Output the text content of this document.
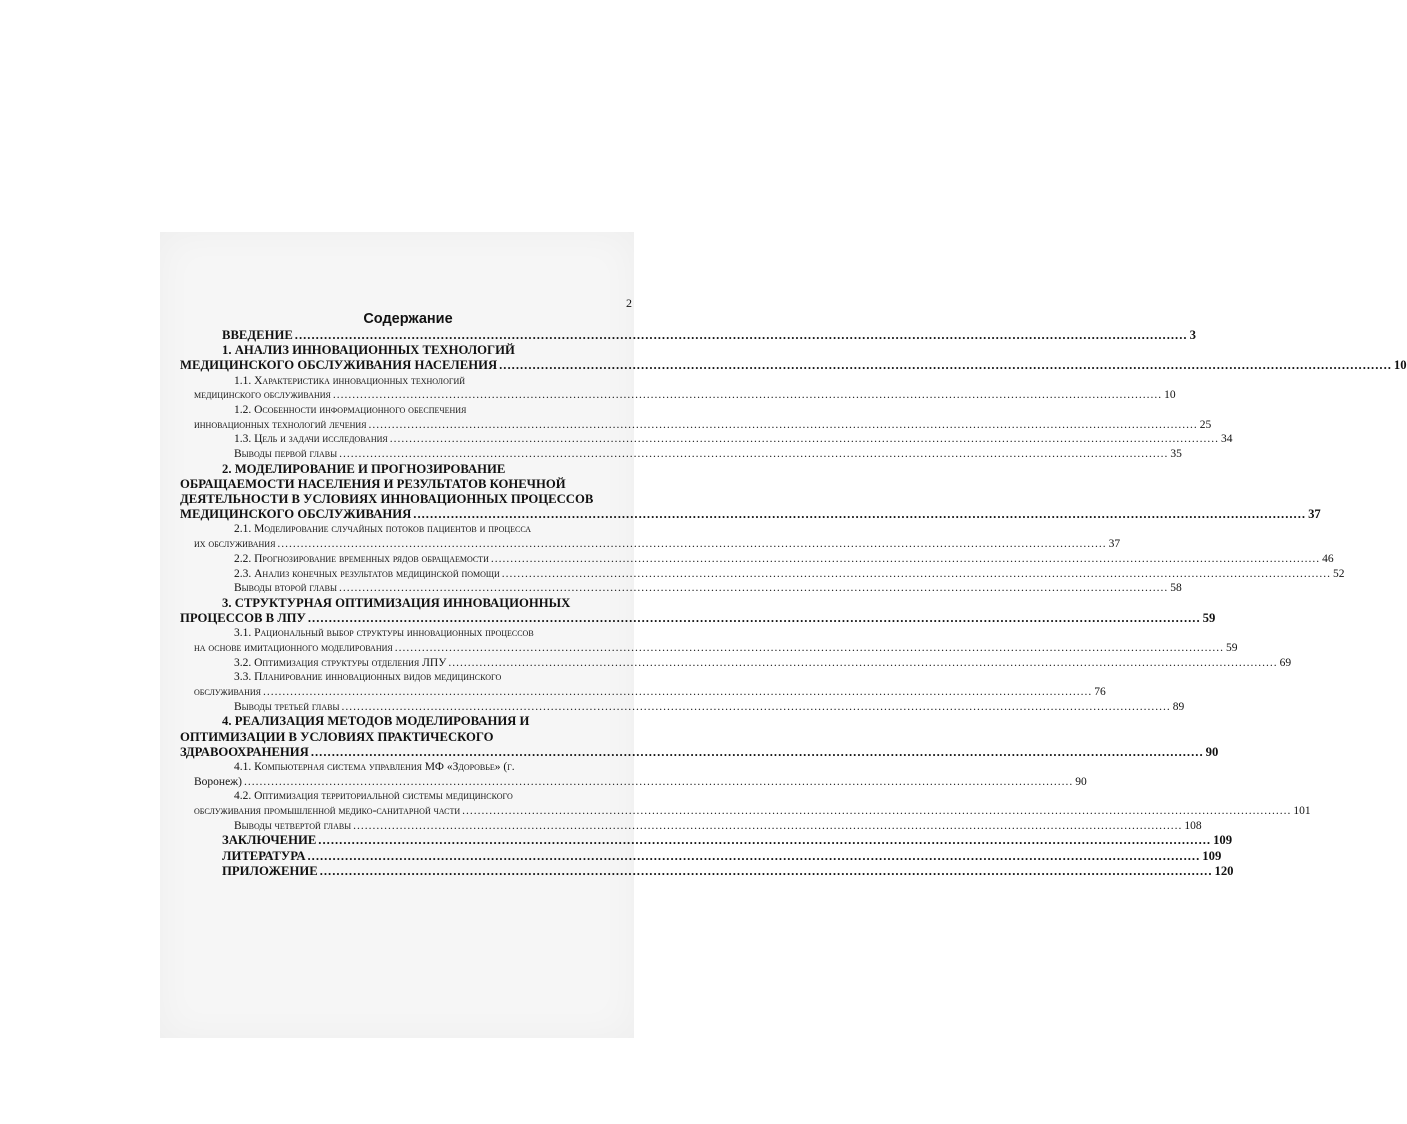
2
Содержание
ВВЕДЕНИЕ ...................................................................................................................................................................................................................... 3
1. АНАЛИЗ ИННОВАЦИОННЫХ ТЕХНОЛОГИЙ
МЕДИЦИНСКОГО ОБСЛУЖИВАНИЯ НАСЕЛЕНИЯ ...................................................................................................................................................................................................................... 10
1.1. Характеристика инновационных технологий
медицинского обслуживания ...................................................................................................................................................................................................................... 10
1.2. Особенности информационного обеспечения
инновационных технологий лечения ...................................................................................................................................................................................................................... 25
1.3. Цель и задачи исследования ...................................................................................................................................................................................................................... 34
Выводы первой главы ...................................................................................................................................................................................................................... 35
2. МОДЕЛИРОВАНИЕ И ПРОГНОЗИРОВАНИЕ
ОБРАЩАЕМОСТИ НАСЕЛЕНИЯ И РЕЗУЛЬТАТОВ КОНЕЧНОЙ
ДЕЯТЕЛЬНОСТИ В УСЛОВИЯХ ИННОВАЦИОННЫХ ПРОЦЕССОВ
МЕДИЦИНСКОГО ОБСЛУЖИВАНИЯ ...................................................................................................................................................................................................................... 37
2.1. Моделирование случайных потоков пациентов и процесса
их обслуживания ...................................................................................................................................................................................................................... 37
2.2. Прогнозирование временных рядов обращаемости ...................................................................................................................................................................................................................... 46
2.3. Анализ конечных результатов медицинской помощи ...................................................................................................................................................................................................................... 52
Выводы второй главы ...................................................................................................................................................................................................................... 58
3. СТРУКТУРНАЯ ОПТИМИЗАЦИЯ ИННОВАЦИОННЫХ
ПРОЦЕССОВ В ЛПУ ...................................................................................................................................................................................................................... 59
3.1. Рациональный выбор структуры инновационных процессов
на основе имитационного моделирования ...................................................................................................................................................................................................................... 59
3.2. Оптимизация структуры отделения ЛПУ ...................................................................................................................................................................................................................... 69
3.3. Планирование инновационных видов медицинского
обслуживания ...................................................................................................................................................................................................................... 76
Выводы третьей главы ...................................................................................................................................................................................................................... 89
4. РЕАЛИЗАЦИЯ МЕТОДОВ МОДЕЛИРОВАНИЯ И
ОПТИМИЗАЦИИ В УСЛОВИЯХ ПРАКТИЧЕСКОГО
ЗДРАВООХРАНЕНИЯ ...................................................................................................................................................................................................................... 90
4.1. Компьютерная система управления МФ «Здоровье» (г.
Воронеж) ...................................................................................................................................................................................................................... 90
4.2. Оптимизация территориальной системы медицинского
обслуживания промышленной медико-санитарной части ...................................................................................................................................................................................................................... 101
Выводы четвертой главы ...................................................................................................................................................................................................................... 108
ЗАКЛЮЧЕНИЕ ...................................................................................................................................................................................................................... 109
ЛИТЕРАТУРА ...................................................................................................................................................................................................................... 109
ПРИЛОЖЕНИЕ ...................................................................................................................................................................................................................... 120
